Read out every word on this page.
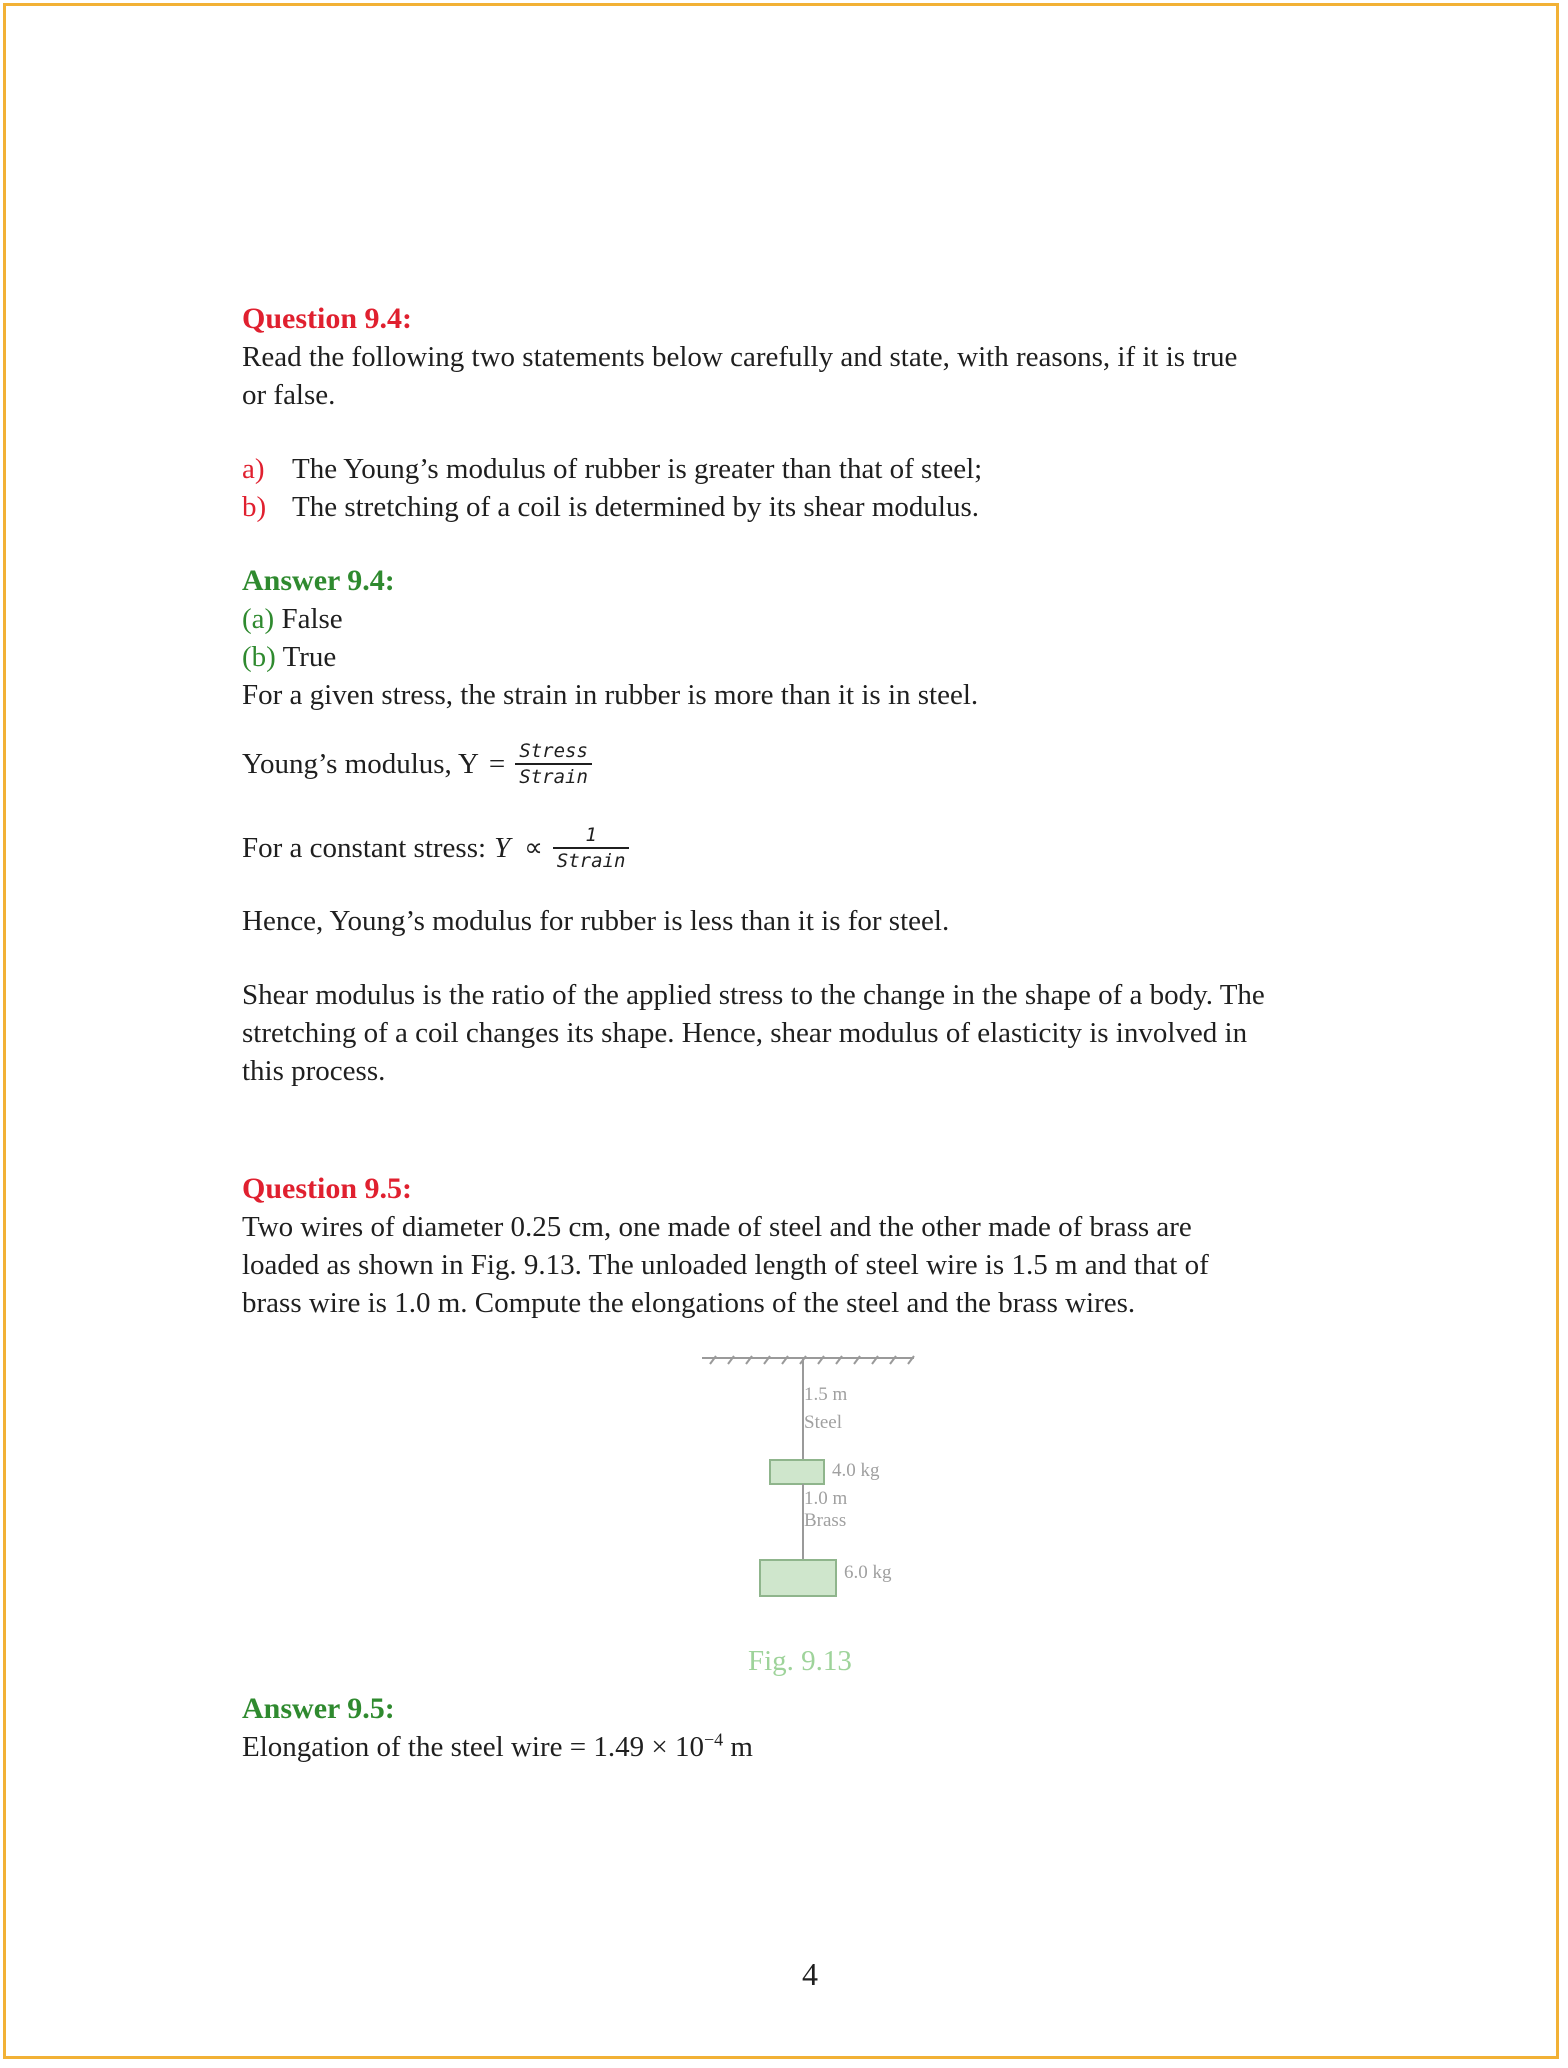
Question 9.4:

Read the following two statements below carefully and state, with reasons, if it is true

or false.

a) The Young’s modulus of rubber is greater than that of steel;
b) The stretching of a coil is determined by its shear modulus.

Answer 9.4:

(a) False

(b) True

For a given stress, the strain in rubber is more than it is in steel.

Young’s modulus, $Y = \frac{\text{Stress}}{\text{Strain}}$
For a constant stress: $Y \propto \frac{1}{\text{Strain}}$

Hence, Young’s modulus for rubber is less than it is for steel.

Shear modulus is the ratio of the applied stress to the change in the shape of a body. The

stretching of a coil changes its shape. Hence, shear modulus of elasticity is involved in

this process.

Question 9.5:

Two wires of diameter 0.25 cm, one made of steel and the other made of brass are

loaded as shown in Fig. 9.13. The unloaded length of steel wire is 1.5 m and that of

brass wire is 1.0 m. Compute the elongations of the steel and the brass wires.

1.5 m
Steel
4.0 kg
1.0 m
Brass
6.0 kg
Fig. 9.13

Answer 9.5:

Elongation of the steel wire = $1.49 \times 10^{-4}$ m

4
